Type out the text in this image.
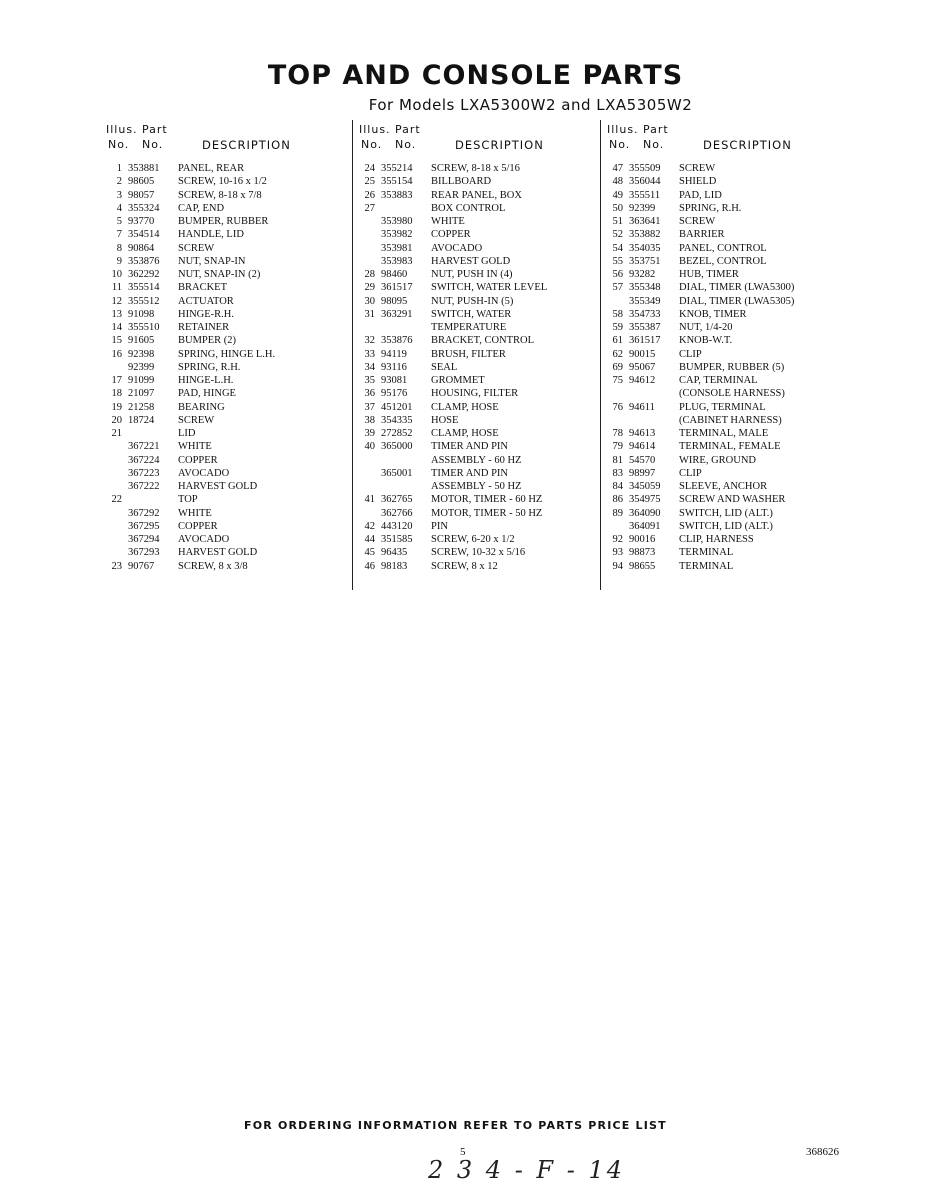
TOP AND CONSOLE PARTS
For Models LXA5300W2 and LXA5305W2
Illus. Part
No. No.	DESCRIPTION
1 353881	PANEL, REAR
2 98605	SCREW, 10-16 x 1/2
3 98057	SCREW, 8-18 x 7/8
4 355324	CAP, END
5 93770	BUMPER, RUBBER
7 354514	HANDLE, LID
8 90864	SCREW
9 353876	NUT, SNAP-IN
10 362292	NUT, SNAP-IN (2)
11 355514	BRACKET
12 355512	ACTUATOR
13 91098	HINGE-R.H.
14 355510	RETAINER
15 91605	BUMPER (2)
16 92398	SPRING, HINGE L.H.
92399	SPRING, R.H.
17 91099	HINGE-L.H.
18 21097	PAD, HINGE
19 21258	BEARING
20 18724	SCREW
21	LID
367221	WHITE
367224	COPPER
367223	AVOCADO
367222	HARVEST GOLD
22	TOP
367292	WHITE
367295	COPPER
367294	AVOCADO
367293	HARVEST GOLD
23 90767	SCREW, 8 x 3/8
Illus. Part
No. No.	DESCRIPTION
24 355214	SCREW, 8-18 x 5/16
25 355154	BILLBOARD
26 353883	REAR PANEL, BOX
27	BOX CONTROL
353980	WHITE
353982	COPPER
353981	AVOCADO
353983	HARVEST GOLD
28 98460	NUT, PUSH IN (4)
29 361517	SWITCH, WATER LEVEL
30 98095	NUT, PUSH-IN (5)
31 363291	SWITCH, WATER
TEMPERATURE
32 353876	BRACKET, CONTROL
33 94119	BRUSH, FILTER
34 93116	SEAL
35 93081	GROMMET
36 95176	HOUSING, FILTER
37 451201	CLAMP, HOSE
38 354335	HOSE
39 272852	CLAMP, HOSE
40 365000	TIMER AND PIN
ASSEMBLY - 60 HZ
365001	TIMER AND PIN
ASSEMBLY - 50 HZ
41 362765	MOTOR, TIMER - 60 HZ
362766	MOTOR, TIMER - 50 HZ
42 443120	PIN
44 351585	SCREW, 6-20 x 1/2
45 96435	SCREW, 10-32 x 5/16
46 98183	SCREW, 8 x 12
Illus. Part
No. No.	DESCRIPTION
47 355509	SCREW
48 356044	SHIELD
49 355511	PAD, LID
50 92399	SPRING, R.H.
51 363641	SCREW
52 353882	BARRIER
54 354035	PANEL, CONTROL
55 353751	BEZEL, CONTROL
56 93282	HUB, TIMER
57 355348	DIAL, TIMER (LWA5300)
355349	DIAL, TIMER (LWA5305)
58 354733	KNOB, TIMER
59 355387	NUT, 1/4-20
61 361517	KNOB-W.T.
62 90015	CLIP
69 95067	BUMPER, RUBBER (5)
75 94612	CAP, TERMINAL
(CONSOLE HARNESS)
76 94611	PLUG, TERMINAL
(CABINET HARNESS)
78 94613	TERMINAL, MALE
79 94614	TERMINAL, FEMALE
81 54570	WIRE, GROUND
83 98997	CLIP
84 345059	SLEEVE, ANCHOR
86 354975	SCREW AND WASHER
89 364090	SWITCH, LID (ALT.)
364091	SWITCH, LID (ALT.)
92 90016	CLIP, HARNESS
93 98873	TERMINAL
94 98655	TERMINAL
FOR ORDERING INFORMATION REFER TO PARTS PRICE LIST
5	368626
2 3 4 - F - 14
